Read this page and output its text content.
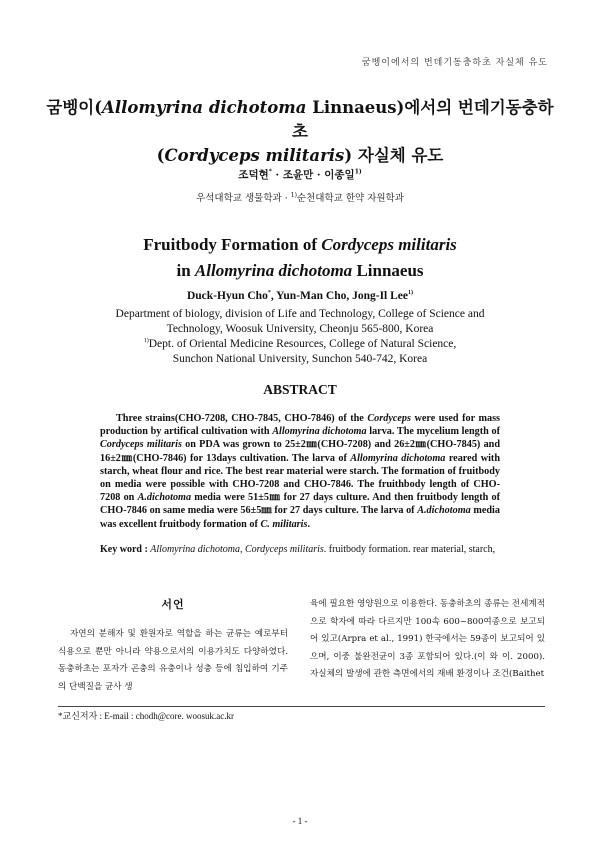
굼벵이에서의 번데기동충하초 자실체 유도
굼벵이(Allomyrina dichotoma Linnaeus)에서의 번데기동충하초
(Cordyceps militaris) 자실체 유도
조덕현* · 조윤만 · 이종일$^{1)}$
우석대학교 생물학과 · $^{1)}$순천대학교 한약 자원학과
Fruitbody Formation of Cordyceps militaris
in Allomyrina dichotoma Linnaeus
Duck-Hyun Cho*, Yun-Man Cho, Jong-Il Lee$^{1)}$
Department of biology, division of Life and Technology, College of Science and
Technology, Woosuk University, Cheonju 565-800, Korea
$^{1)}$Dept. of Oriental Medicine Resources, College of Natural Science,
Sunchon National University, Sunchon 540-742, Korea
ABSTRACT
Three strains(CHO-7208, CHO-7845, CHO-7846) of the Cordyceps were used for mass production by artifical cultivation with Allomyrina dichotoma larva. The mycelium length of Cordyceps militaris on PDA was grown to 25±2㎜(CHO-7208) and 26±2㎜(CHO-7845) and 16±2㎜(CHO-7846) for 13days cultivation. The larva of Allomyrina dichotoma reared with starch, wheat flour and rice. The best rear material were starch. The formation of fruitbody on media were possible with CHO-7208 and CHO-7846. The fruithbody length of CHO-7208 on A.dichotoma media were 51±5㎜ for 27 days culture. And then fruitbody length of CHO-7846 on same media were 56±5㎜ for 27 days culture. The larva of A.dichotoma media was excellent fruitbody formation of C. militaris.
Key word : Allomyrina dichotoma, Cordyceps militaris. fruitbody formation. rear material, starch,
서언

자연의 분해자 및 환원자로 역할을 하는 균류는 예로부터 식용으로 뿐만 아니라 약용으로서의 이용가치도 다양하였다. 동충하초는 포자가 곤충의 유충이나 성충 등에 침입하여 기주의 단백질을 균사 생

육에 필요한 영양원으로 이용한다. 동충하초의 종류는 전세계적으로 학자에 따라 다르지만 100속 600~800여종으로 보고되어 있고(Arpra et al., 1991) 한국에서는 59종이 보고되어 있으며, 이중 불완전균이 3종 포함되어 있다.(이 와 이. 2000). 자실체의 발생에 관한 측면에서의 재배 환경이나 조건(Baithet

*교신저자 : E-mail : chodh@core. woosuk.ac.kr
- 1 -
